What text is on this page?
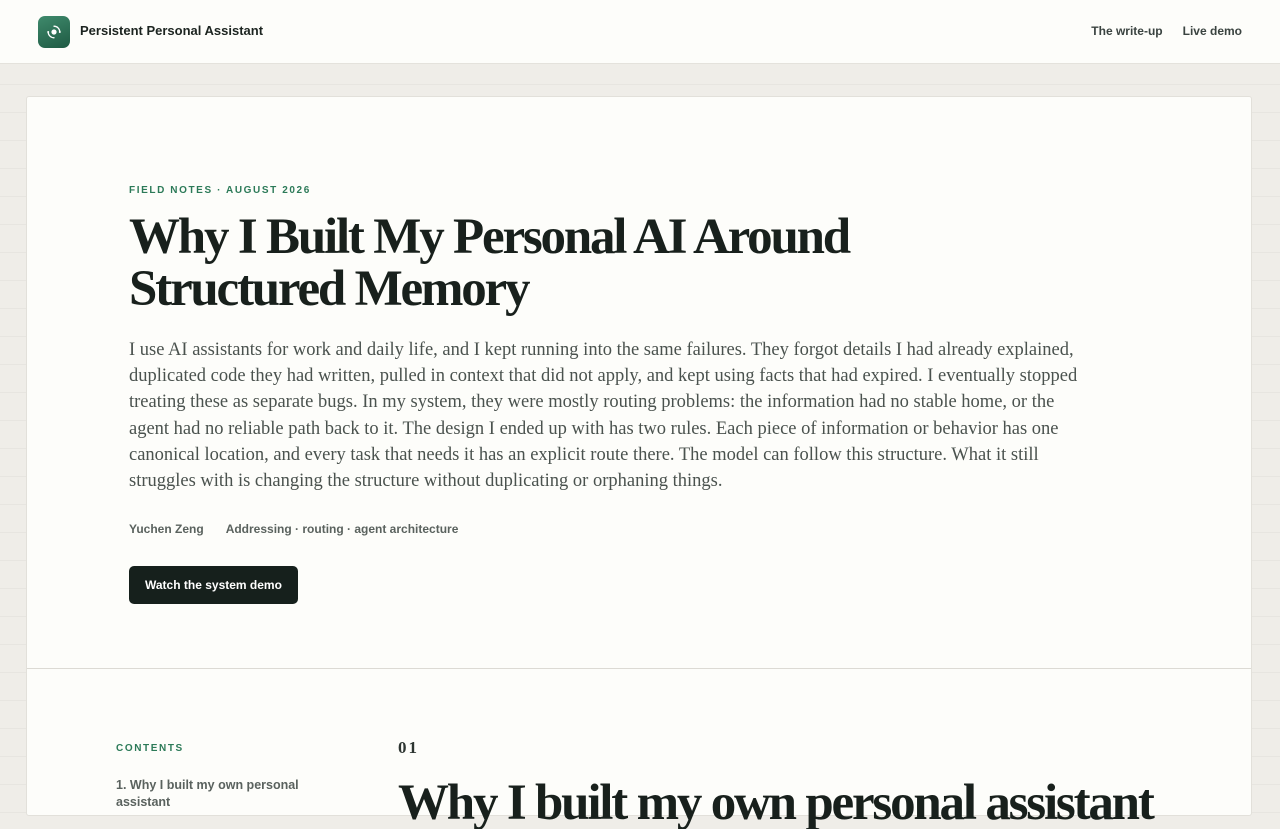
Persistent Personal Assistant	The write-up Live demo
FIELD NOTES · AUGUST 2026
Why I Built My Personal AI Around Structured Memory

I use AI assistants for work and daily life, and I kept running into the same failures. They forgot details I had already explained, duplicated code they had written, pulled in context that did not apply, and kept using facts that had expired. I eventually stopped treating these as separate bugs. In my system, they were mostly routing problems: the information had no stable home, or the agent had no reliable path back to it. The design I ended up with has two rules. Each piece of information or behavior has one canonical location, and every task that needs it has an explicit route there. The model can follow this structure. What it still struggles with is changing the structure without duplicating or orphaning things.

Yuchen Zeng Addressing · routing · agent architecture
Watch the system demo
CONTENTS
1. Why I built my own personal assistant
01
Why I built my own personal assistant
